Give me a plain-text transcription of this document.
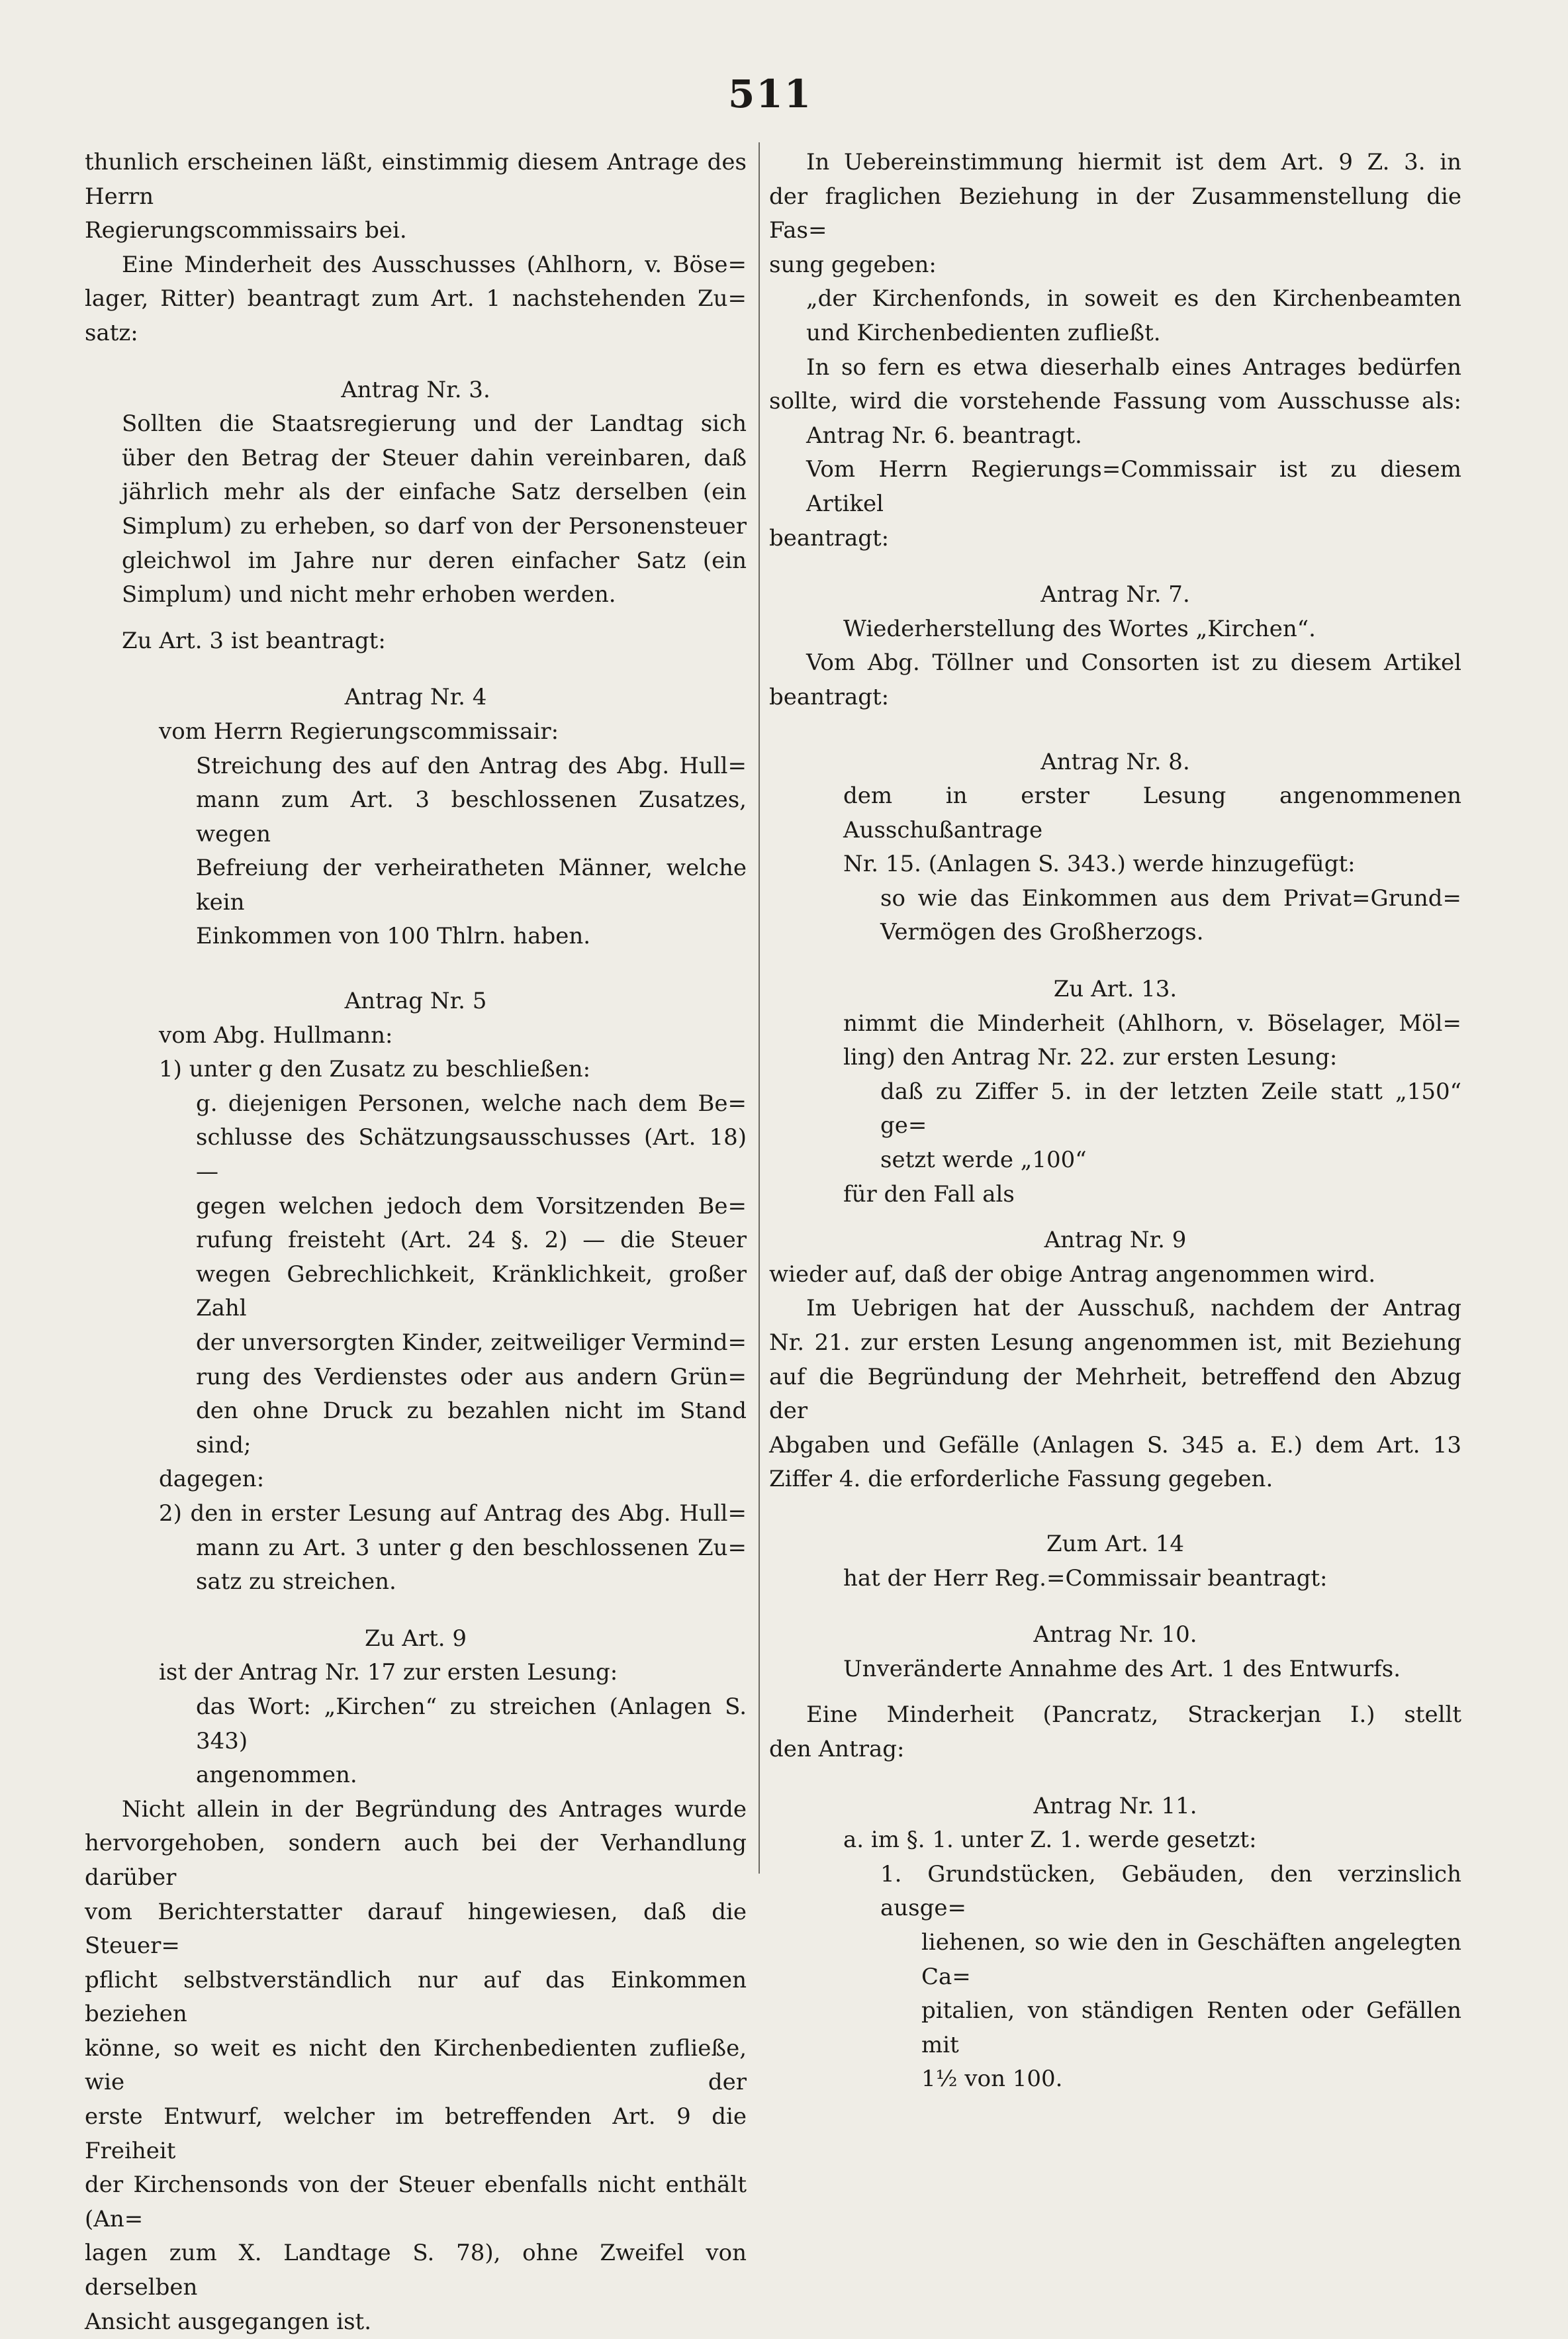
511
thunlich erscheinen läßt, einstimmig diesem Antrage des Herrn
Regierungscommissairs bei.
Eine Minderheit des Ausschusses (Ahlhorn, v. Böse=
lager, Ritter) beantragt zum Art. 1 nachstehenden Zu=
satz:
Antrag Nr. 3.
Sollten die Staatsregierung und der Landtag sich
über den Betrag der Steuer dahin vereinbaren, daß
jährlich mehr als der einfache Satz derselben (ein
Simplum) zu erheben, so darf von der Personensteuer
gleichwol im Jahre nur deren einfacher Satz (ein
Simplum) und nicht mehr erhoben werden.
Zu Art. 3 ist beantragt:
Antrag Nr. 4
vom Herrn Regierungscommissair:
Streichung des auf den Antrag des Abg. Hull=
mann zum Art. 3 beschlossenen Zusatzes, wegen
Befreiung der verheiratheten Männer, welche kein
Einkommen von 100 Thlrn. haben.
Antrag Nr. 5
vom Abg. Hullmann:
1) unter g den Zusatz zu beschließen:
g. diejenigen Personen, welche nach dem Be=
schlusse des Schätzungsausschusses (Art. 18) —
gegen welchen jedoch dem Vorsitzenden Be=
rufung freisteht (Art. 24 §. 2) — die Steuer
wegen Gebrechlichkeit, Kränklichkeit, großer Zahl
der unversorgten Kinder, zeitweiliger Vermind=
rung des Verdienstes oder aus andern Grün=
den ohne Druck zu bezahlen nicht im Stand
sind;
dagegen:
2) den in erster Lesung auf Antrag des Abg. Hull=
mann zu Art. 3 unter g den beschlossenen Zu=
satz zu streichen.
Zu Art. 9
ist der Antrag Nr. 17 zur ersten Lesung:
das Wort: „Kirchen“ zu streichen (Anlagen S. 343)
angenommen.
Nicht allein in der Begründung des Antrages wurde
hervorgehoben, sondern auch bei der Verhandlung darüber
vom Berichterstatter darauf hingewiesen, daß die Steuer=
pflicht selbstverständlich nur auf das Einkommen beziehen
könne, so weit es nicht den Kirchenbedienten zufließe, wie der
erste Entwurf, welcher im betreffenden Art. 9 die Freiheit
der Kirchensonds von der Steuer ebenfalls nicht enthält (An=
lagen zum X. Landtage S. 78), ohne Zweifel von derselben
Ansicht ausgegangen ist.
In Uebereinstimmung hiermit ist dem Art. 9 Z. 3. in
der fraglichen Beziehung in der Zusammenstellung die Fas=
sung gegeben:
„der Kirchenfonds, in soweit es den Kirchenbeamten
und Kirchenbedienten zufließt.
In so fern es etwa dieserhalb eines Antrages bedürfen
sollte, wird die vorstehende Fassung vom Ausschusse als:
Antrag Nr. 6. beantragt.
Vom Herrn Regierungs=Commissair ist zu diesem Artikel
beantragt:
Antrag Nr. 7.
Wiederherstellung des Wortes „Kirchen“.
Vom Abg. Töllner und Consorten ist zu diesem Artikel
beantragt:
Antrag Nr. 8.
dem in erster Lesung angenommenen Ausschußantrage
Nr. 15. (Anlagen S. 343.) werde hinzugefügt:
so wie das Einkommen aus dem Privat=Grund=
Vermögen des Großherzogs.
Zu Art. 13.
nimmt die Minderheit (Ahlhorn, v. Böselager, Möl=
ling) den Antrag Nr. 22. zur ersten Lesung:
daß zu Ziffer 5. in der letzten Zeile statt „150“ ge=
setzt werde „100“
für den Fall als
Antrag Nr. 9
wieder auf, daß der obige Antrag angenommen wird.
Im Uebrigen hat der Ausschuß, nachdem der Antrag
Nr. 21. zur ersten Lesung angenommen ist, mit Beziehung
auf die Begründung der Mehrheit, betreffend den Abzug der
Abgaben und Gefälle (Anlagen S. 345 a. E.) dem Art. 13
Ziffer 4. die erforderliche Fassung gegeben.
Zum Art. 14
hat der Herr Reg.=Commissair beantragt:
Antrag Nr. 10.
Unveränderte Annahme des Art. 1 des Entwurfs.
Eine Minderheit (Pancratz, Strackerjan I.) stellt
den Antrag:
Antrag Nr. 11.
a. im §. 1. unter Z. 1. werde gesetzt:
1. Grundstücken, Gebäuden, den verzinslich ausge=
liehenen, so wie den in Geschäften angelegten Ca=
pitalien, von ständigen Renten oder Gefällen mit
1½ von 100.
